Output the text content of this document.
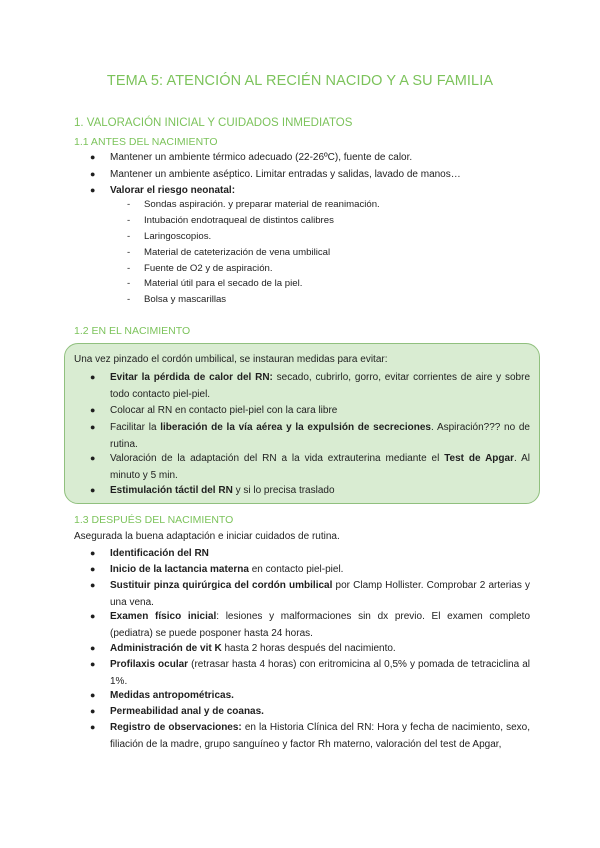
TEMA 5: ATENCIÓN AL RECIÉN NACIDO Y A SU FAMILIA
1. VALORACIÓN INICIAL Y CUIDADOS INMEDIATOS
1.1 ANTES DEL NACIMIENTO
● Mantener un ambiente térmico adecuado (22-26ºC), fuente de calor.
● Mantener un ambiente aséptico. Limitar entradas y salidas, lavado de manos…
● Valorar el riesgo neonatal:
- Sondas aspiración. y preparar material de reanimación.
- Intubación endotraqueal de distintos calibres
- Laringoscopios.
- Material de cateterización de vena umbilical
- Fuente de O2 y de aspiración.
- Material útil para el secado de la piel.
- Bolsa y mascarillas
1.2 EN EL NACIMIENTO
Una vez pinzado el cordón umbilical, se instauran medidas para evitar:
● Evitar la pérdida de calor del RN: secado, cubrirlo, gorro, evitar corrientes de aire y sobre todo contacto piel-piel.
● Colocar al RN en contacto piel-piel con la cara libre
● Facilitar la liberación de la vía aérea y la expulsión de secreciones. Aspiración??? no de rutina.
● Valoración de la adaptación del RN a la vida extrauterina mediante el Test de Apgar. Al minuto y 5 min.
● Estimulación táctil del RN y si lo precisa traslado
1.3 DESPUÉS DEL NACIMIENTO
Asegurada la buena adaptación e iniciar cuidados de rutina.
● Identificación del RN
● Inicio de la lactancia materna en contacto piel-piel.
● Sustituir pinza quirúrgica del cordón umbilical por Clamp Hollister. Comprobar 2 arterias y una vena.
● Examen físico inicial: lesiones y malformaciones sin dx previo. El examen completo (pediatra) se puede posponer hasta 24 horas.
● Administración de vit K hasta 2 horas después del nacimiento.
● Profilaxis ocular (retrasar hasta 4 horas) con eritromicina al 0,5% y pomada de tetraciclina al 1%.
● Medidas antropométricas.
● Permeabilidad anal y de coanas.
● Registro de observaciones: en la Historia Clínica del RN: Hora y fecha de nacimiento, sexo, filiación de la madre, grupo sanguíneo y factor Rh materno, valoración del test de Apgar,
